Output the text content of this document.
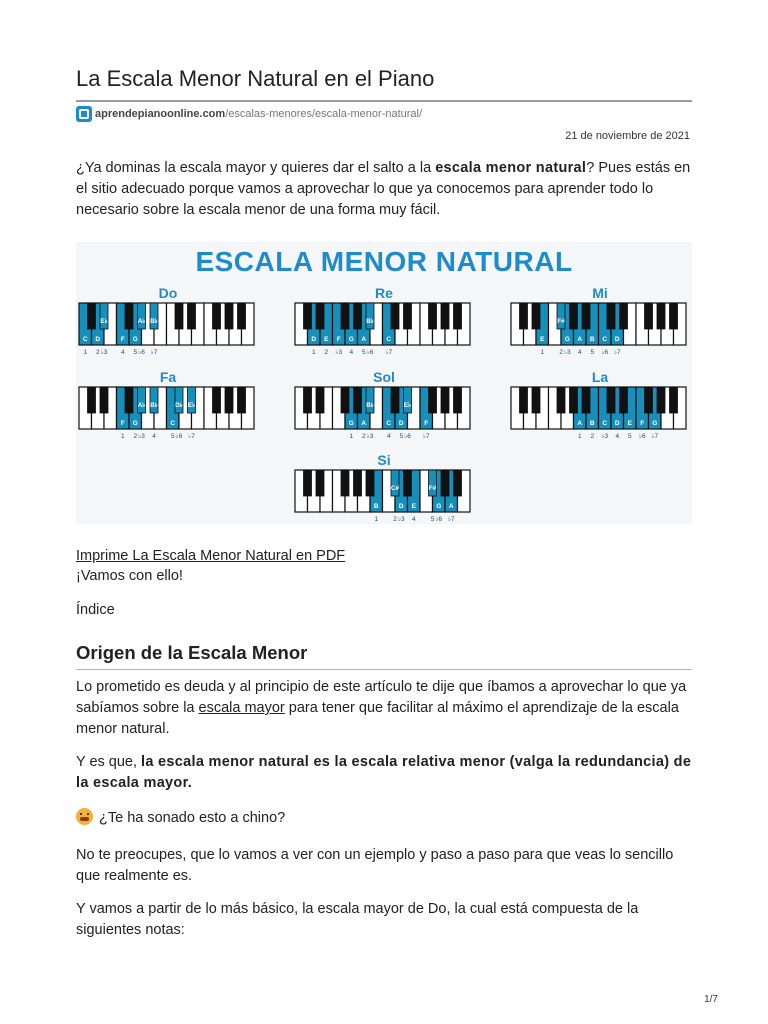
La Escala Menor Natural en el Piano
aprendepianoonline.com /escalas-menores/escala-menor-natural/
21 de noviembre de 2021

¿Ya dominas la escala mayor y quieres dar el salto a la escala menor natural? Pues estás en el sitio adecuado porque vamos a aprovechar lo que ya conocemos para aprender todo lo necesario sobre la escala menor de una forma muy fácil.

ESCALA MENOR NATURAL
Do
C
1
D
2
E♭
♭3
F
4
G
5
A♭
♭6
B♭
♭7
Re
D
1
E
2
F
♭3
G
4
A
5
B♭
♭6
C
♭7
Mi
E
1
F#
2
G
♭3
A
4
B
5
C
♭6
D
♭7
Fa
F
1
G
2
A♭
♭3
B♭
4
C
5
D♭
♭6
E♭
♭7
Sol
G
1
A
2
B♭
♭3
C
4
D
5
E♭
♭6
F
♭7
La
A
1
B
2
C
♭3
D
4
E
5
F
♭6
G
♭7
Si
B
1
C#
2
D
♭3
E
4
F#
5
G
♭6
A
♭7

Imprime La Escala Menor Natural en PDF

¡Vamos con ello!

Índice

Origen de la Escala Menor

Lo prometido es deuda y al principio de este artículo te dije que íbamos a aprovechar lo que ya sabíamos sobre la escala mayor para tener que facilitar al máximo el aprendizaje de la escala menor natural.

Y es que, la escala menor natural es la escala relativa menor (valga la redundancia) de la escala mayor.

¿Te ha sonado esto a chino?

No te preocupes, que lo vamos a ver con un ejemplo y paso a paso para que veas lo sencillo que realmente es.

Y vamos a partir de lo más básico, la escala mayor de Do, la cual está compuesta de la siguientes notas:

1/7
